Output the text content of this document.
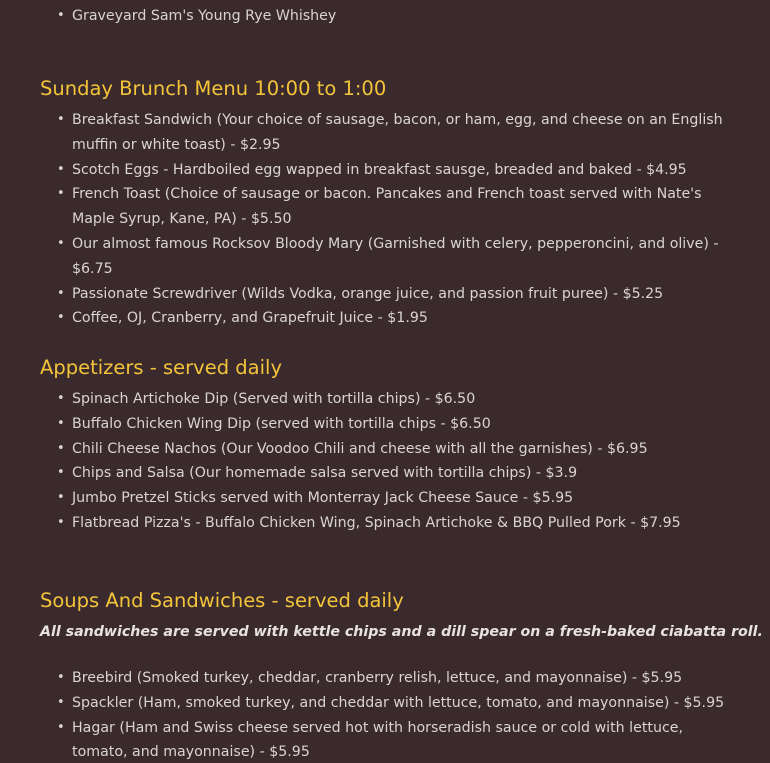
• Graveyard Sam's Young Rye Whishey
Sunday Brunch Menu 10:00 to 1:00
• Breakfast Sandwich (Your choice of sausage, bacon, or ham, egg, and cheese on an English muffin or white toast) - $2.95
• Scotch Eggs - Hardboiled egg wapped in breakfast sausge, breaded and baked - $4.95
• French Toast (Choice of sausage or bacon. Pancakes and French toast served with Nate's Maple Syrup, Kane, PA) - $5.50
• Our almost famous Rocksov Bloody Mary (Garnished with celery, pepperoncini, and olive) - $6.75
• Passionate Screwdriver (Wilds Vodka, orange juice, and passion fruit puree) - $5.25
• Coffee, OJ, Cranberry, and Grapefruit Juice - $1.95
Appetizers - served daily
• Spinach Artichoke Dip (Served with tortilla chips) - $6.50
• Buffalo Chicken Wing Dip (served with tortilla chips - $6.50
• Chili Cheese Nachos (Our Voodoo Chili and cheese with all the garnishes) - $6.95
• Chips and Salsa (Our homemade salsa served with tortilla chips) - $3.9
• Jumbo Pretzel Sticks served with Monterray Jack Cheese Sauce - $5.95
• Flatbread Pizza's - Buffalo Chicken Wing, Spinach Artichoke & BBQ Pulled Pork - $7.95
Soups And Sandwiches - served daily
All sandwiches are served with kettle chips and a dill spear on a fresh-baked ciabatta roll.
• Breebird (Smoked turkey, cheddar, cranberry relish, lettuce, and mayonnaise) - $5.95
• Spackler (Ham, smoked turkey, and cheddar with lettuce, tomato, and mayonnaise) - $5.95
• Hagar (Ham and Swiss cheese served hot with horseradish sauce or cold with lettuce, tomato, and mayonnaise) - $5.95
